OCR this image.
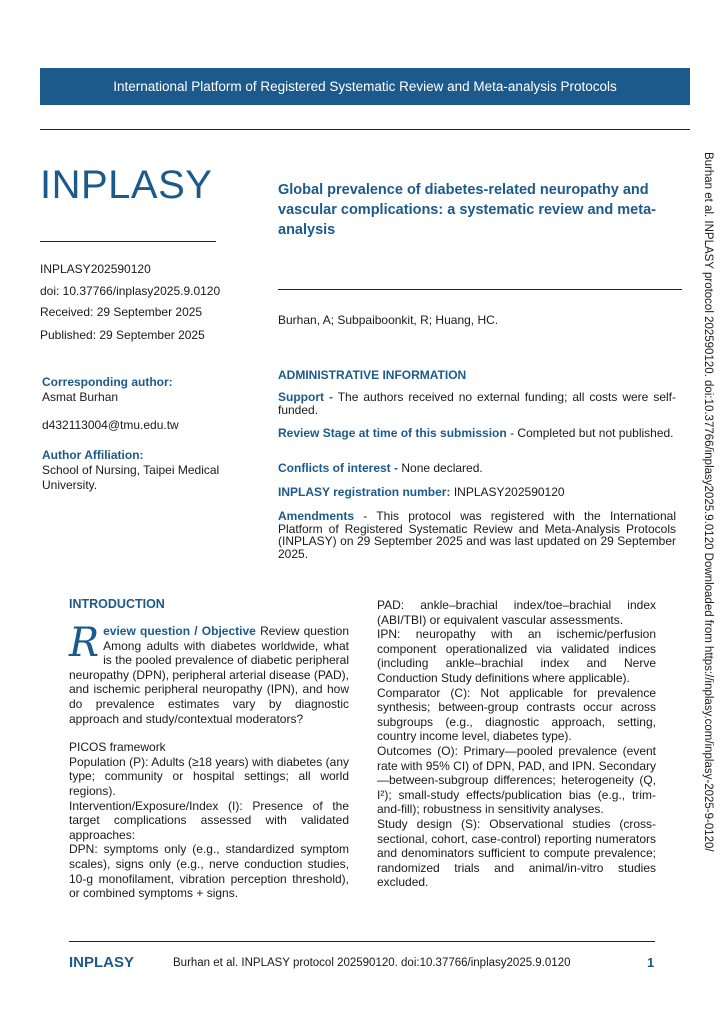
International Platform of Registered Systematic Review and Meta-analysis Protocols
INPLASY
INPLASY202590120
doi: 10.37766/inplasy2025.9.0120
Received: 29 September 2025
Published: 29 September 2025
Global prevalence of diabetes-related neuropathy and vascular complications: a systematic review and meta-analysis
Burhan, A; Subpaiboonkit, R; Huang, HC.
Corresponding author:
Asmat Burhan
d432113004@tmu.edu.tw
Author Affiliation:
School of Nursing, Taipei Medical University.
ADMINISTRATIVE INFORMATION
Support - The authors received no external funding; all costs were self-funded.
Review Stage at time of this submission - Completed but not published.
Conflicts of interest - None declared.
INPLASY registration number: INPLASY202590120
Amendments - This protocol was registered with the International Platform of Registered Systematic Review and Meta-Analysis Protocols (INPLASY) on 29 September 2025 and was last updated on 29 September 2025.
INTRODUCTION

Review question / Objective Review question Among adults with diabetes worldwide, what is the pooled prevalence of diabetic peripheral neuropathy (DPN), peripheral arterial disease (PAD), and ischemic peripheral neuropathy (IPN), and how do prevalence estimates vary by diagnostic approach and study/contextual moderators?

PICOS framework

Population (P): Adults (≥18 years) with diabetes (any type; community or hospital settings; all world regions).

Intervention/Exposure/Index (I): Presence of the target complications assessed with validated approaches:

DPN: symptoms only (e.g., standardized symptom scales), signs only (e.g., nerve conduction studies, 10-g monofilament, vibration perception threshold), or combined symptoms + signs.

PAD: ankle–brachial index/toe–brachial index (ABI/TBI) or equivalent vascular assessments.

IPN: neuropathy with an ischemic/perfusion component operationalized via validated indices (including ankle–brachial index and Nerve Conduction Study definitions where applicable).

Comparator (C): Not applicable for prevalence synthesis; between-group contrasts occur across subgroups (e.g., diagnostic approach, setting, country income level, diabetes type).

Outcomes (O): Primary—pooled prevalence (event rate with 95% CI) of DPN, PAD, and IPN. Secondary—between-subgroup differences; heterogeneity (Q, I²); small-study effects/publication bias (e.g., trim-and-fill); robustness in sensitivity analyses.

Study design (S): Observational studies (cross-sectional, cohort, case-control) reporting numerators and denominators sufficient to compute prevalence; randomized trials and animal/in-vitro studies excluded.

INPLASY	Burhan et al. INPLASY protocol 202590120. doi:10.37766/inplasy2025.9.0120	1
Burhan et al. INPLASY protocol 202590120. doi:10.37766/inplasy2025.9.0120 Downloaded from https://inplasy.com/inplasy-2025-9-0120/
